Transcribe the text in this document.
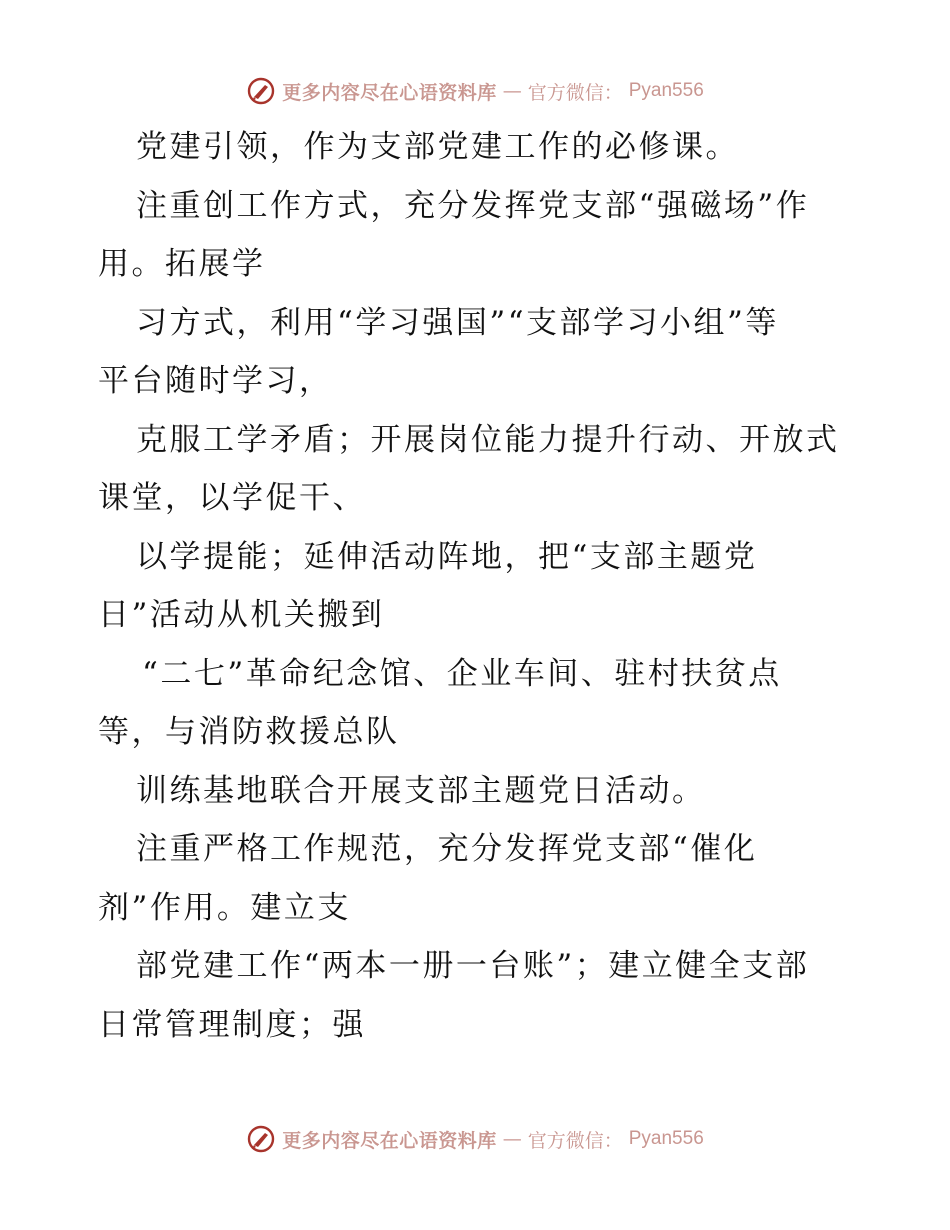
更多内容尽在心语资料库 — 官方微信： Pyan556
党建引领，作为支部党建工作的必修课。
注重创工作方式，充分发挥党支部“强磁场”作
用。拓展学
习方式，利用“学习强国”“支部学习小组”等
平台随时学习，
克服工学矛盾；开展岗位能力提升行动、开放式
课堂，以学促干、
以学提能；延伸活动阵地，把“支部主题党
日”活动从机关搬到
“二七”革命纪念馆、企业车间、驻村扶贫点
等，与消防救援总队
训练基地联合开展支部主题党日活动。
注重严格工作规范，充分发挥党支部“催化
剂”作用。建立支
部党建工作“两本一册一台账”；建立健全支部
日常管理制度；强
更多内容尽在心语资料库 — 官方微信： Pyan556
